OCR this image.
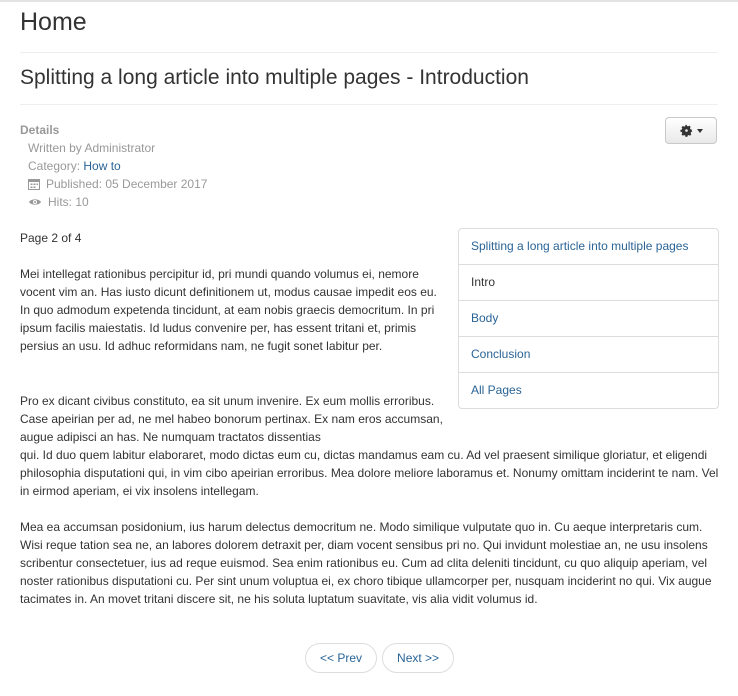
Home
Splitting a long article into multiple pages - Introduction
Details
Written by Administrator
Category: How to
Published: 05 December 2017
Hits: 10
Page 2 of 4
Splitting a long article into multiple pages
Intro
Body
Conclusion
All Pages
Mei intellegat rationibus percipitur id, pri mundi quando volumus ei, nemore vocent vim an. Has iusto dicunt definitionem ut, modus causae impedit eos eu. In quo admodum expetenda tincidunt, at eam nobis graecis democritum. In pri ipsum facilis maiestatis. Id ludus convenire per, has essent tritani et, primis persius an usu. Id adhuc reformidans nam, ne fugit sonet labitur per.
Pro ex dicant civibus constituto, ea sit unum invenire. Ex eum mollis erroribus. Case apeirian per ad, ne mel habeo bonorum pertinax. Ex nam eros accumsan, augue adipisci an has. Ne numquam tractatos dissentias
qui. Id duo quem labitur elaboraret, modo dictas eum cu, dictas mandamus eam cu. Ad vel praesent similique gloriatur, et eligendi philosophia disputationi qui, in vim cibo apeirian erroribus. Mea dolore meliore laboramus et. Nonumy omittam inciderint te nam. Vel in eirmod aperiam, ei vix insolens intellegam.
Mea ea accumsan posidonium, ius harum delectus democritum ne. Modo similique vulputate quo in. Cu aeque interpretaris cum. Wisi reque tation sea ne, an labores dolorem detraxit per, diam vocent sensibus pri no. Qui invidunt molestiae an, ne usu insolens scribentur consectetuer, ius ad reque euismod. Sea enim rationibus eu. Cum ad clita deleniti tincidunt, cu quo aliquip aperiam, vel noster rationibus disputationi cu. Per sint unum voluptua ei, ex choro tibique ullamcorper per, nusquam inciderint no qui. Vix augue tacimates in. An movet tritani discere sit, ne his soluta luptatum suavitate, vis alia vidit volumus id.
<< Prev	Next >>
